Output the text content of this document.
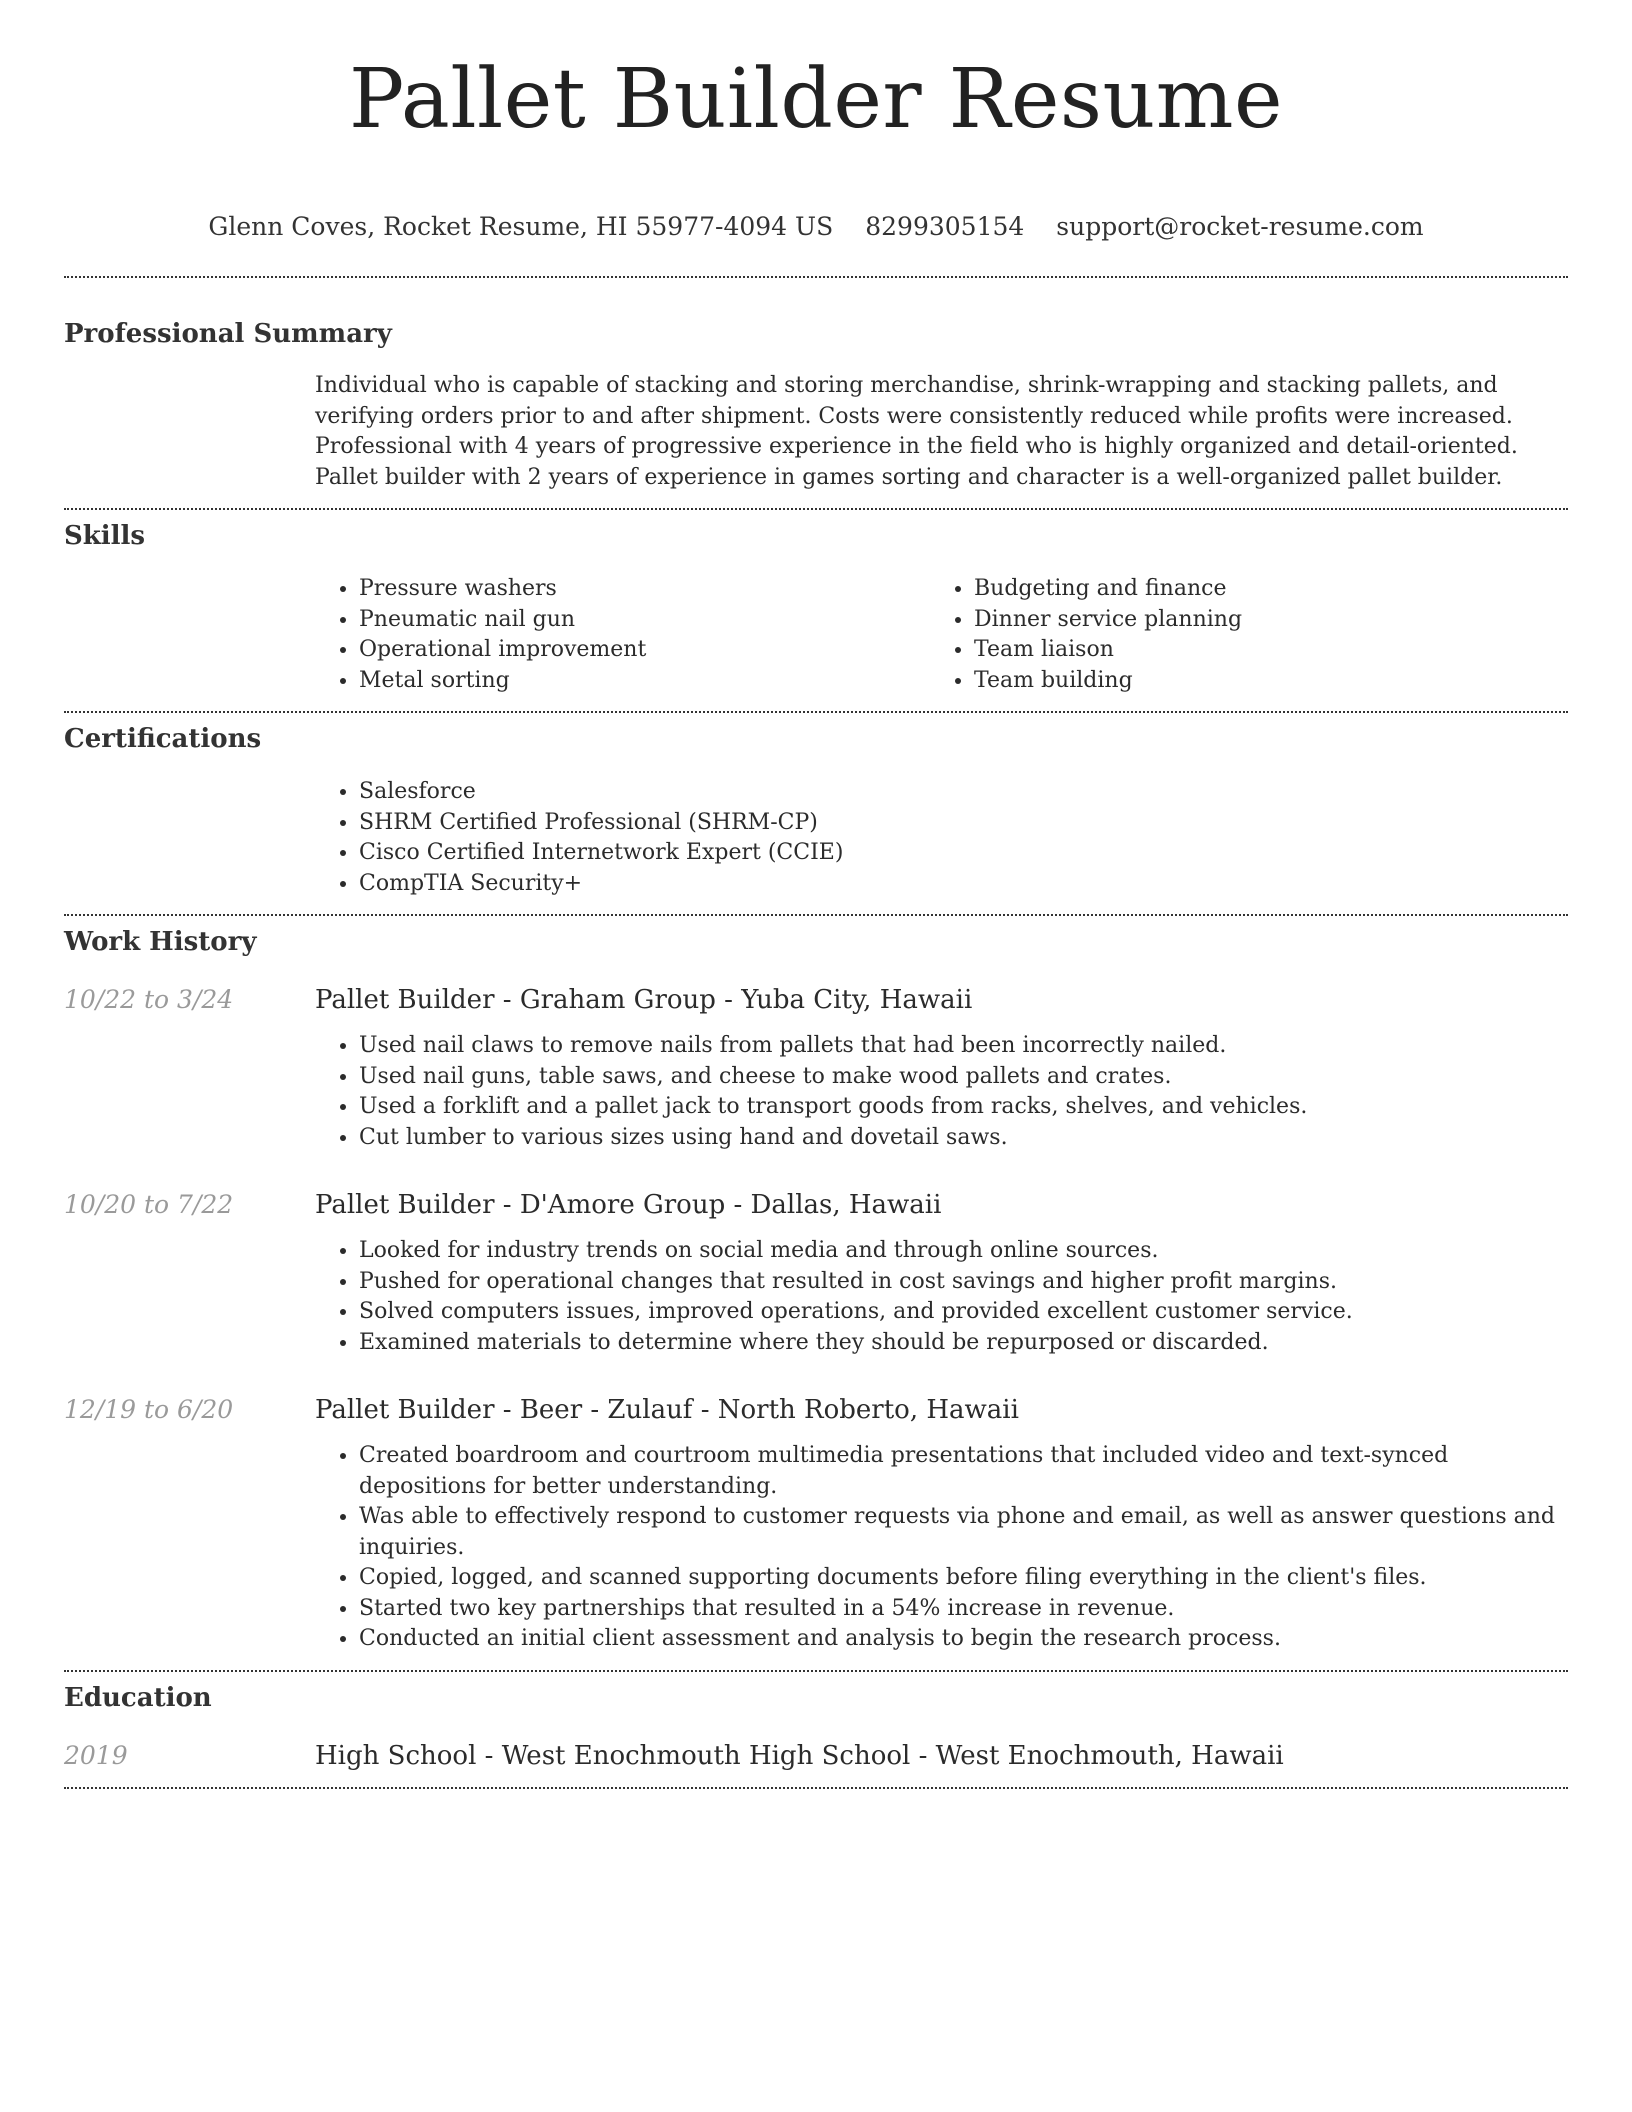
Pallet Builder Resume
Glenn Coves, Rocket Resume, HI 55977-4094 US 8299305154 support@rocket-resume.com
Professional Summary

Individual who is capable of stacking and storing merchandise, shrink-wrapping and stacking pallets, and verifying orders prior to and after shipment. Costs were consistently reduced while profits were increased. Professional with 4 years of progressive experience in the field who is highly organized and detail-oriented. Pallet builder with 2 years of experience in games sorting and character is a well-organized pallet builder.

Skills
• Pressure washers
• Pneumatic nail gun
• Operational improvement
• Metal sorting
• Budgeting and finance
• Dinner service planning
• Team liaison
• Team building
Certifications
• Salesforce
• SHRM Certified Professional (SHRM-CP)
• Cisco Certified Internetwork Expert (CCIE)
• CompTIA Security+
Work History
10/22 to 3/24	Pallet Builder - Graham Group - Yuba City, Hawaii
• Used nail claws to remove nails from pallets that had been incorrectly nailed.
• Used nail guns, table saws, and cheese to make wood pallets and crates.
• Used a forklift and a pallet jack to transport goods from racks, shelves, and vehicles.
• Cut lumber to various sizes using hand and dovetail saws.
10/20 to 7/22	Pallet Builder - D'Amore Group - Dallas, Hawaii
• Looked for industry trends on social media and through online sources.
• Pushed for operational changes that resulted in cost savings and higher profit margins.
• Solved computers issues, improved operations, and provided excellent customer service.
• Examined materials to determine where they should be repurposed or discarded.
12/19 to 6/20	Pallet Builder - Beer - Zulauf - North Roberto, Hawaii
• Created boardroom and courtroom multimedia presentations that included video and text-synced depositions for better understanding.
• Was able to effectively respond to customer requests via phone and email, as well as answer questions and inquiries.
• Copied, logged, and scanned supporting documents before filing everything in the client's files.
• Started two key partnerships that resulted in a 54% increase in revenue.
• Conducted an initial client assessment and analysis to begin the research process.
Education
2019	High School - West Enochmouth High School - West Enochmouth, Hawaii
